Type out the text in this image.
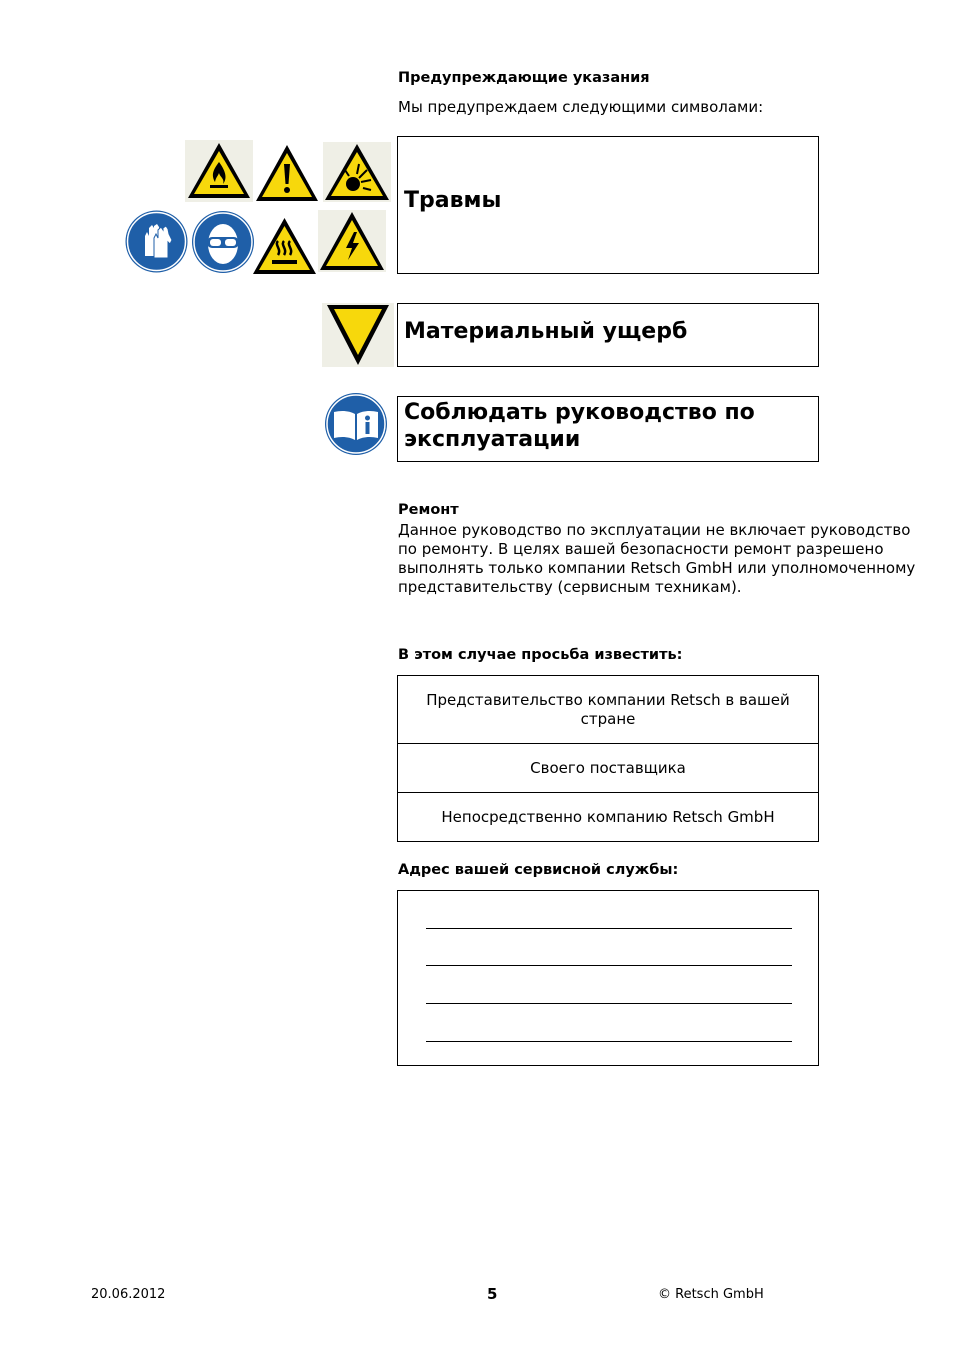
Предупреждающие указания
Мы предупреждаем следующими символами:
Травмы
Материальный ущерб
Соблюдать руководство по эксплуатации
Ремонт
Данное руководство по эксплуатации не включает руководство по ремонту. В целях вашей безопасности ремонт разрешено выполнять только компании Retsch GmbH или уполномоченному представительству (сервисным техникам).
В этом случае просьба известить:
Представительство компании Retsch в вашей стране
Своего поставщика
Непосредственно компанию Retsch GmbH
Адрес вашей сервисной службы:
20.06.2012	5	© Retsch GmbH
